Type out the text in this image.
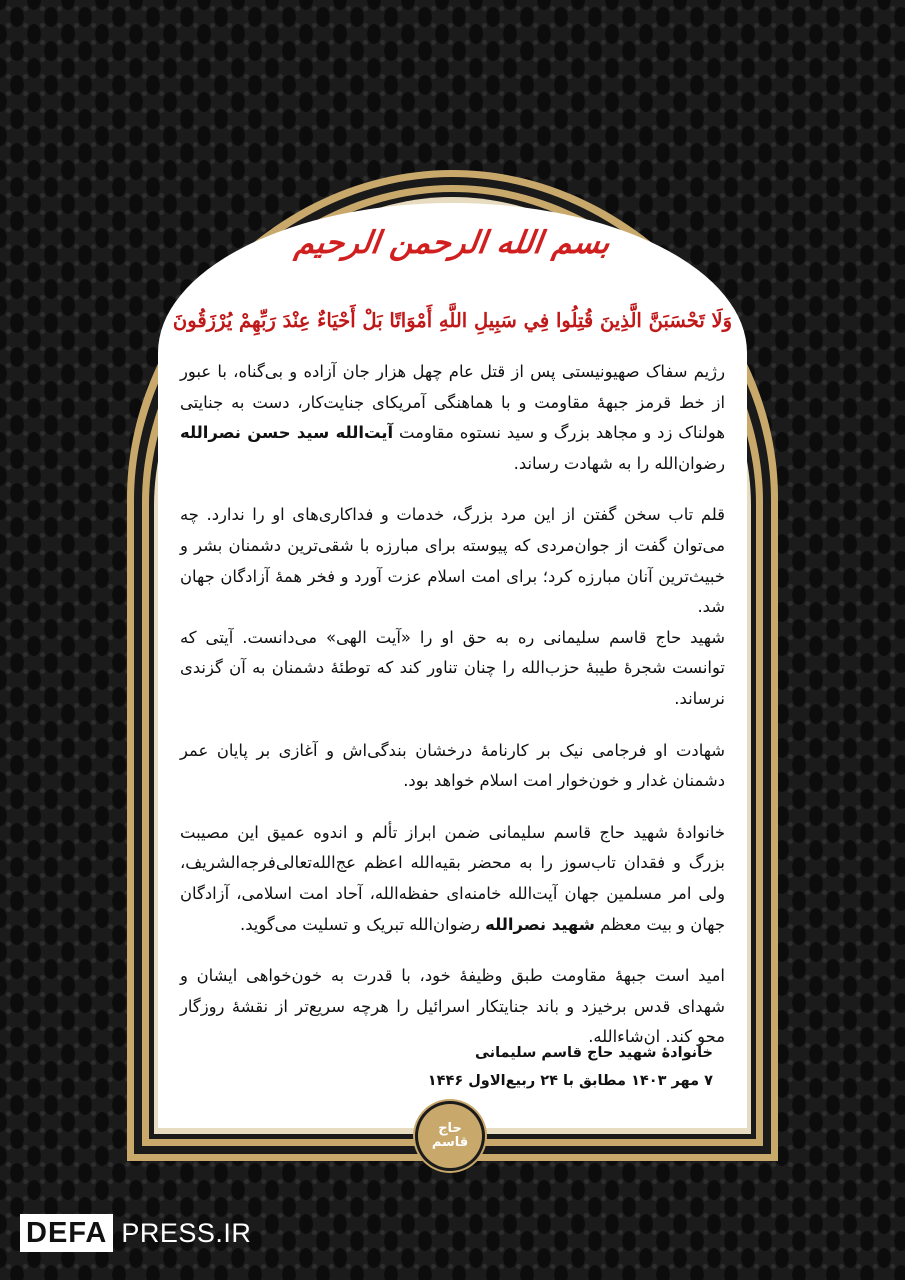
بسم الله الرحمن الرحیم
وَلَا تَحْسَبَنَّ الَّذِينَ قُتِلُوا فِي سَبِيلِ اللَّهِ أَمْوَاتًا بَلْ أَحْيَاءٌ عِنْدَ رَبِّهِمْ يُرْزَقُونَ

رژیم سفاک صهیونیستی پس از قتل عام چهل هزار جان آزاده و بی‌گناه، با عبور از خط قرمز جبههٔ مقاومت و با هماهنگی آمریکای جنایت‌کار، دست به جنایتی هولناک زد و مجاهد بزرگ و سید نستوه مقاومت آیت‌الله سید حسن نصرالله رضوان‌الله را به شهادت رساند.

قلم تاب سخن گفتن از این مرد بزرگ، خدمات و فداکاری‌های او را ندارد. چه می‌توان گفت از جوان‌مردی که پیوسته برای مبارزه با شقی‌ترین دشمنان بشر و خبیث‌ترین آنان مبارزه کرد؛ برای امت اسلام عزت آورد و فخر همهٔ آزادگان جهان شد.

شهید حاج قاسم سلیمانی ره به حق او را «آیت الهی» می‌دانست. آیتی که توانست شجرهٔ طیبهٔ حزب‌الله را چنان تناور کند که توطئهٔ دشمنان به آن گزندی نرساند.

شهادت او فرجامی نیک بر کارنامهٔ درخشان بندگی‌اش و آغازی بر پایان عمر دشمنان غدار و خون‌خوار امت اسلام خواهد بود.

خانوادهٔ شهید حاج قاسم سلیمانی ضمن ابراز تألم و اندوه عمیق این مصیبت بزرگ و فقدان تاب‌سوز را به محضر بقیه‌الله اعظم عج‌الله‌تعالی‌فرجه‌الشریف، ولی امر مسلمین جهان آیت‌الله خامنه‌ای حفظه‌الله، آحاد امت اسلامی، آزادگان جهان و بیت معظم شهید نصرالله رضوان‌الله تبریک و تسلیت می‌گوید.

امید است جبههٔ مقاومت طبق وظیفهٔ خود، با قدرت به خون‌خواهی ایشان و شهدای قدس برخیزد و باند جنایتکار اسرائیل را هرچه سریع‌تر از نقشهٔ روزگار محو کند. ان‌شاءالله.

خانوادهٔ شهید حاج قاسم سلیمانی
۷ مهر ۱۴۰۳ مطابق با ۲۴ ربیع‌الاول ۱۴۴۶
حاج قاسم
DEFA PRESS.IR
